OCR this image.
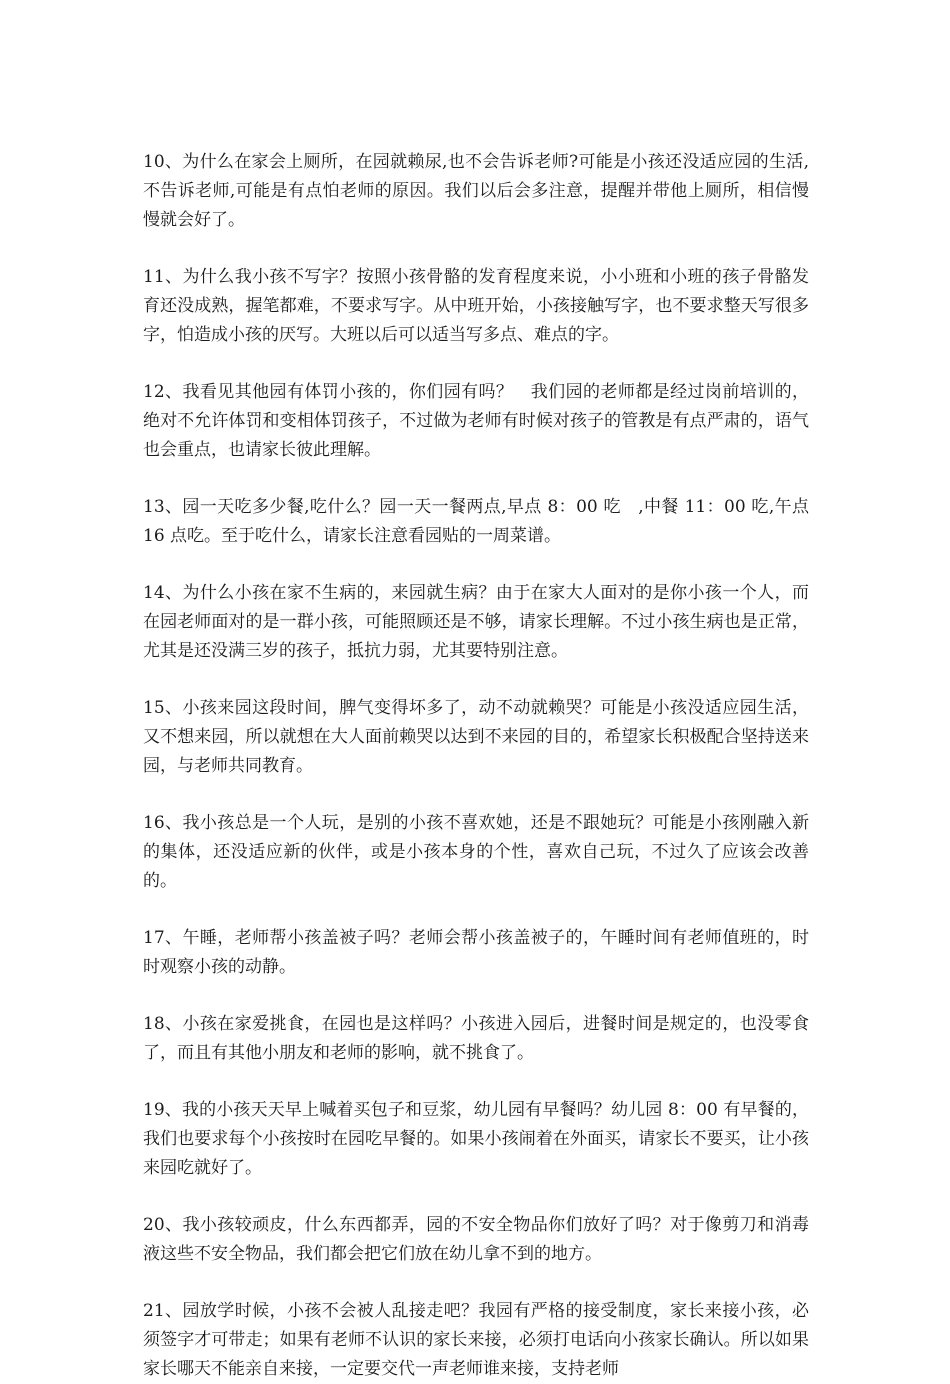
10、为什么在家会上厕所，在园就赖尿,也不会告诉老师?可能是小孩还没适应园的生活,不告诉老师,可能是有点怕老师的原因。我们以后会多注意，提醒并带他上厕所，相信慢慢就会好了。

11、为什么我小孩不写字？按照小孩骨骼的发育程度来说，小小班和小班的孩子骨骼发育还没成熟，握笔都难，不要求写字。从中班开始，小孩接触写字，也不要求整天写很多字，怕造成小孩的厌写。大班以后可以适当写多点、难点的字。

12、我看见其他园有体罚小孩的，你们园有吗？　我们园的老师都是经过岗前培训的，绝对不允许体罚和变相体罚孩子，不过做为老师有时候对孩子的管教是有点严肃的，语气也会重点，也请家长彼此理解。

13、园一天吃多少餐,吃什么？园一天一餐两点,早点 8：00 吃　,中餐 11：00 吃,午点 16 点吃。至于吃什么，请家长注意看园贴的一周菜谱。

14、为什么小孩在家不生病的，来园就生病？由于在家大人面对的是你小孩一个人，而在园老师面对的是一群小孩，可能照顾还是不够，请家长理解。不过小孩生病也是正常，尤其是还没满三岁的孩子，抵抗力弱，尤其要特别注意。

15、小孩来园这段时间，脾气变得坏多了，动不动就赖哭？可能是小孩没适应园生活，又不想来园，所以就想在大人面前赖哭以达到不来园的目的，希望家长积极配合坚持送来园，与老师共同教育。

16、我小孩总是一个人玩，是别的小孩不喜欢她，还是不跟她玩？可能是小孩刚融入新的集体，还没适应新的伙伴，或是小孩本身的个性，喜欢自己玩，不过久了应该会改善的。

17、午睡，老师帮小孩盖被子吗？老师会帮小孩盖被子的，午睡时间有老师值班的，时时观察小孩的动静。

18、小孩在家爱挑食，在园也是这样吗？小孩进入园后，进餐时间是规定的，也没零食了，而且有其他小朋友和老师的影响，就不挑食了。

19、我的小孩天天早上喊着买包子和豆浆，幼儿园有早餐吗？幼儿园 8：00 有早餐的，我们也要求每个小孩按时在园吃早餐的。如果小孩闹着在外面买，请家长不要买，让小孩来园吃就好了。

20、我小孩较顽皮，什么东西都弄，园的不安全物品你们放好了吗？对于像剪刀和消毒液这些不安全物品，我们都会把它们放在幼儿拿不到的地方。

21、园放学时候，小孩不会被人乱接走吧？我园有严格的接受制度，家长来接小孩，必须签字才可带走；如果有老师不认识的家长来接，必须打电话向小孩家长确认。所以如果家长哪天不能亲自来接，一定要交代一声老师谁来接，支持老师
